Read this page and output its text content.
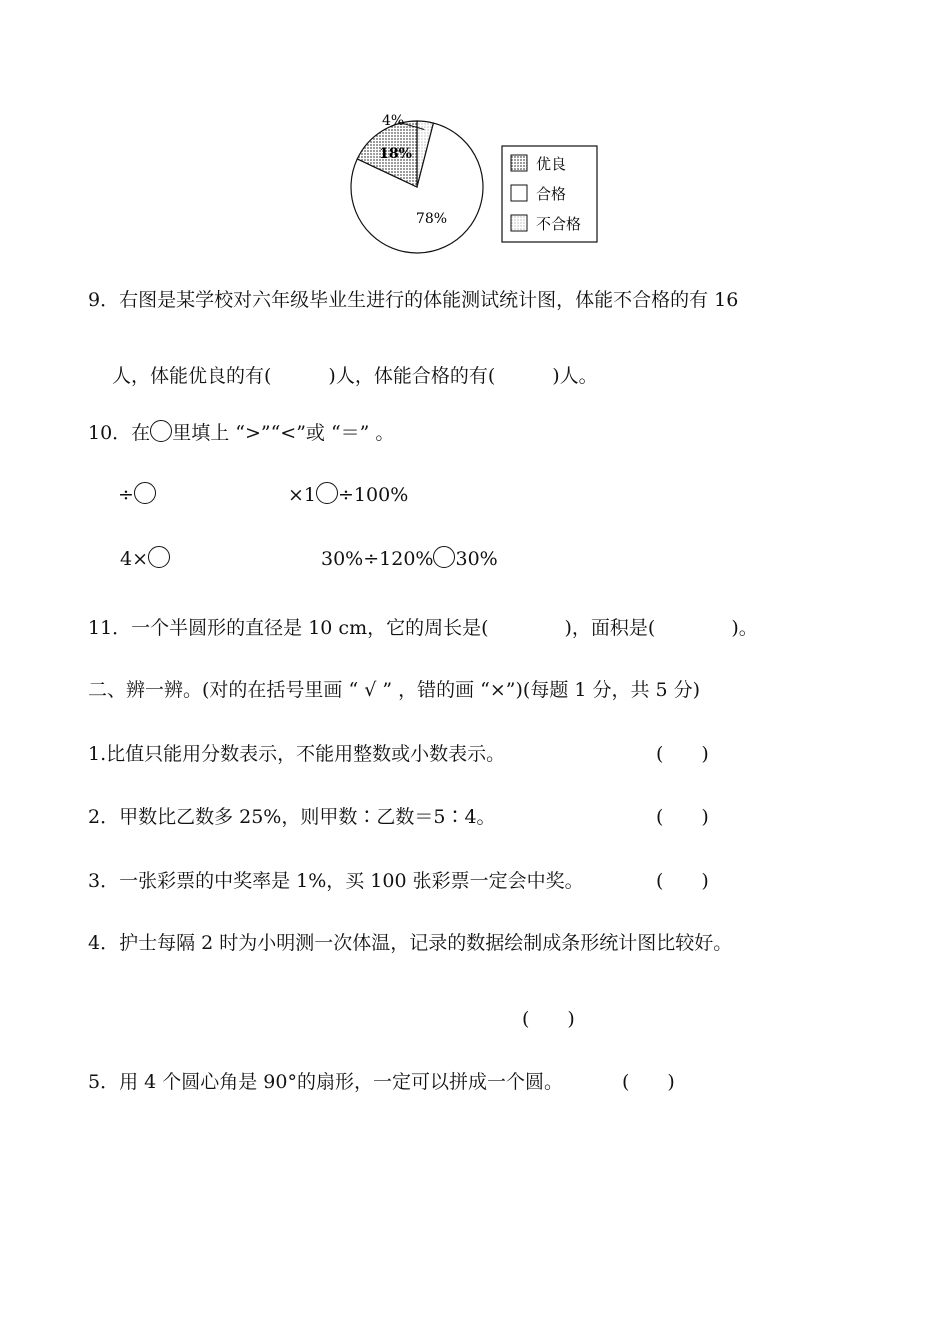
18%
78%
4%
优良
合格
不合格
9．右图是某学校对六年级毕业生进行的体能测试统计图，体能不合格的有 16
人，体能优良的有(　　　)人，体能合格的有(　　　)人。
10．在 里填上 “>”“<”或 “＝” 。
÷	×1 ÷100%
4×	30%÷120% 30%
11．一个半圆形的直径是 10 cm，它的周长是(　　　　)，面积是(　　　　)。
二、辨一辨。(对的在括号里画 “ √ ” ，错的画 “×”)(每题 1 分，共 5 分)
1.比值只能用分数表示，不能用整数或小数表示。	(　　)
2．甲数比乙数多 25%，则甲数∶乙数＝5∶4。	(　　)
3．一张彩票的中奖率是 1%，买 100 张彩票一定会中奖。	(　　)
4．护士每隔 2 时为小明测一次体温，记录的数据绘制成条形统计图比较好。
(　　)
5．用 4 个圆心角是 90°的扇形，一定可以拼成一个圆。	(　　)
